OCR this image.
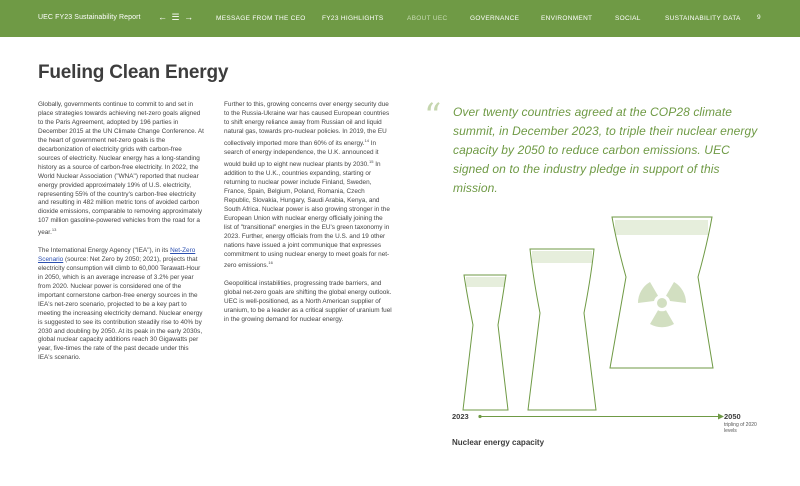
UEC FY23 Sustainability Report ← ☰ →	MESSAGE FROM THE CEO	FY23 HIGHLIGHTS	ABOUT UEC	GOVERNANCE	ENVIRONMENT	SOCIAL	SUSTAINABILITY DATA	9
Fueling Clean Energy

Globally, governments continue to commit to and set in place strategies towards achieving net-zero goals aligned to the Paris Agreement, adopted by 196 parties in December 2015 at the UN Climate Change Conference. At the heart of government net-zero goals is the decarbonization of electricity grids with carbon-free sources of electricity. Nuclear energy has a long-standing history as a source of carbon-free electricity. In 2022, the World Nuclear Association ("WNA") reported that nuclear energy provided approximately 19% of U.S. electricity, representing 55% of the country's carbon-free electricity and resulting in 482 million metric tons of avoided carbon dioxide emissions, comparable to removing approximately 107 million gasoline-powered vehicles from the road for a year.$^{13}$

The International Energy Agency ("IEA"), in its Net-Zero Scenario (source: Net Zero by 2050; 2021), projects that electricity consumption will climb to 60,000 Terawatt-Hour in 2050, which is an average increase of 3.2% per year from 2020. Nuclear power is considered one of the important cornerstone carbon-free energy sources in the IEA's net-zero scenario, projected to be a key part to meeting the increasing electricity demand. Nuclear energy is suggested to see its contribution steadily rise to 40% by 2030 and doubling by 2050. At its peak in the early 2030s, global nuclear capacity additions reach 30 Gigawatts per year, five-times the rate of the past decade under this IEA's scenario.

Further to this, growing concerns over energy security due to the Russia-Ukraine war has caused European countries to shift energy reliance away from Russian oil and liquid natural gas, towards pro-nuclear policies. In 2019, the EU collectively imported more than 60% of its energy.$^{14}$ In search of energy independence, the U.K. announced it would build up to eight new nuclear plants by 2030.15 In addition to the U.K., countries expanding, starting or returning to nuclear power include Finland, Sweden, France, Spain, Belgium, Poland, Romania, Czech Republic, Slovakia, Hungary, Saudi Arabia, Kenya, and South Africa. Nuclear power is also growing stronger in the European Union with nuclear energy officially joining the list of "transitional" energies in the EU's green taxonomy in 2023. Further, energy officials from the U.S. and 19 other nations have issued a joint communique that expresses commitment to using nuclear energy to meet goals for net-zero emissions.$^{16}$

Geopolitical instabilities, progressing trade barriers, and global net-zero goals are shifting the global energy outlook. UEC is well-positioned, as a North American supplier of uranium, to be a leader as a critical supplier of uranium fuel in the growing demand for nuclear energy.

“ Over twenty countries agreed at the COP28 climate summit, in December 2023, to triple their nuclear energy capacity by 2050 to reduce carbon emissions. UEC signed on to the industry pledge in support of this mission.
2023	2050
tripling of 2020 levels
Nuclear energy capacity
